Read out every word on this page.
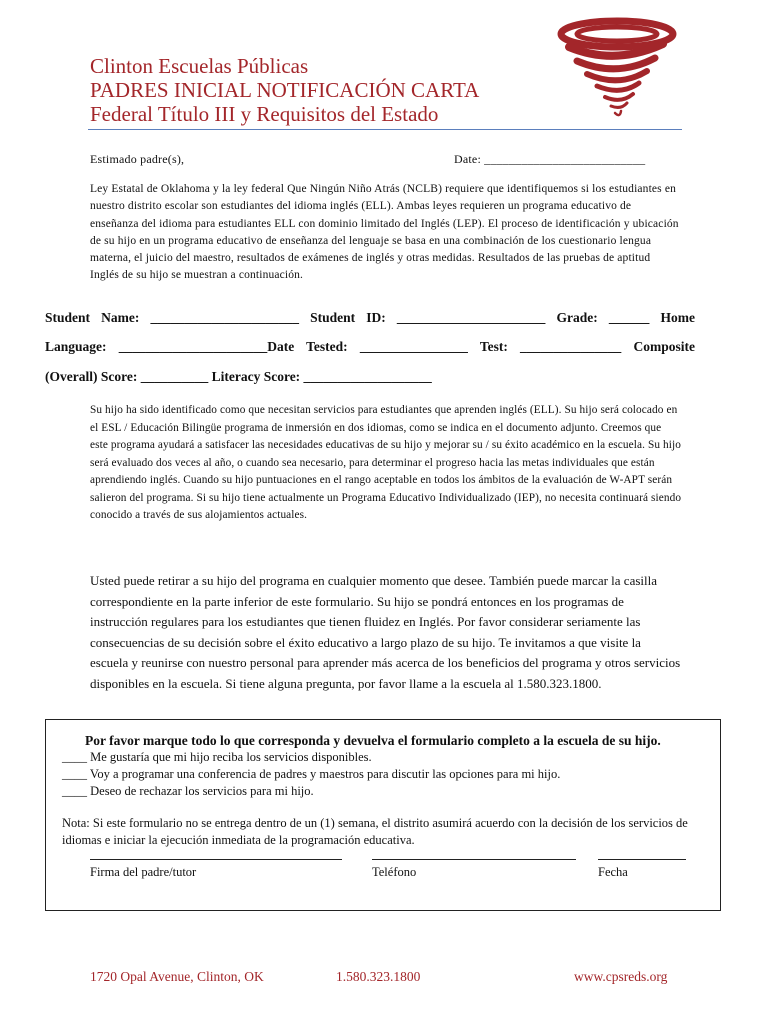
Clinton Escuelas Públicas
PADRES INICIAL NOTIFICACIÓN CARTA
Federal Título III y Requisitos del Estado
Estimado padre(s),	Date: __________________________
Ley Estatal de Oklahoma y la ley federal Que Ningún Niño Atrás (NCLB) requiere que identifiquemos si los estudiantes en nuestro distrito escolar son estudiantes del idioma inglés (ELL). Ambas leyes requieren un programa educativo de enseñanza del idioma para estudiantes ELL con dominio limitado del Inglés (LEP). El proceso de identificación y ubicación de su hijo en un programa educativo de enseñanza del lenguaje se basa en una combinación de los cuestionario lengua materna, el juicio del maestro, resultados de exámenes de inglés y otras medidas. Resultados de las pruebas de aptitud Inglés de su hijo se muestran a continuación.
Student Name: ______________________ Student ID: ______________________ Grade: ______ Home
Language: ______________________Date Tested: ________________ Test: _______________ Composite
(Overall) Score: __________ Literacy Score: ___________________
Su hijo ha sido identificado como que necesitan servicios para estudiantes que aprenden inglés (ELL). Su hijo será colocado en el ESL / Educación Bilingüe programa de inmersión en dos idiomas, como se indica en el documento adjunto. Creemos que este programa ayudará a satisfacer las necesidades educativas de su hijo y mejorar su / su éxito académico en la escuela. Su hijo será evaluado dos veces al año, o cuando sea necesario, para determinar el progreso hacia las metas individuales que están aprendiendo inglés. Cuando su hijo puntuaciones en el rango aceptable en todos los ámbitos de la evaluación de W-APT serán salieron del programa. Si su hijo tiene actualmente un Programa Educativo Individualizado (IEP), no necesita continuará siendo conocido a través de sus alojamientos actuales.
Usted puede retirar a su hijo del programa en cualquier momento que desee. También puede marcar la casilla correspondiente en la parte inferior de este formulario. Su hijo se pondrá entonces en los programas de instrucción regulares para los estudiantes que tienen fluidez en Inglés. Por favor considerar seriamente las consecuencias de su decisión sobre el éxito educativo a largo plazo de su hijo. Te invitamos a que visite la escuela y reunirse con nuestro personal para aprender más acerca de los beneficios del programa y otros servicios disponibles en la escuela. Si tiene alguna pregunta, por favor llame a la escuela al 1.580.323.1800.
Por favor marque todo lo que corresponda y devuelva el formulario completo a la escuela de su hijo.
____ Me gustaría que mi hijo reciba los servicios disponibles.
____ Voy a programar una conferencia de padres y maestros para discutir las opciones para mi hijo.
____ Deseo de rechazar los servicios para mi hijo.
Nota: Si este formulario no se entrega dentro de un (1) semana, el distrito asumirá acuerdo con la decisión de los servicios de idiomas e iniciar la ejecución inmediata de la programación educativa.
Firma del padre/tutor	Teléfono	Fecha
1720 Opal Avenue, Clinton, OK	1.580.323.1800	www.cpsreds.org
